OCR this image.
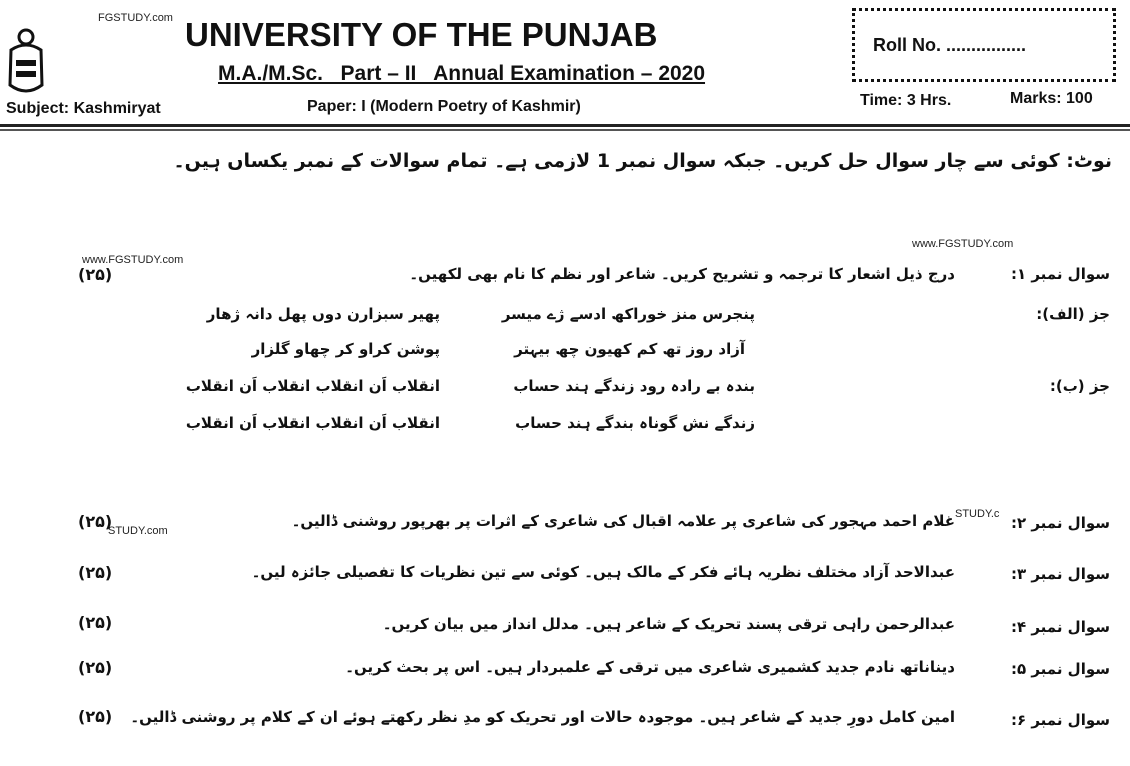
FGSTUDY.com UNIVERSITY OF THE PUNJAB
M.A./M.Sc.   Part – II   Annual Examination – 2020
Subject: Kashmiryat	Paper: I (Modern Poetry of Kashmir)
Roll No. ................
Time: 3 Hrs.	Marks: 100
نوٹ: کوئی سے چار سوال حل کریں۔ جبکہ سوال نمبر 1 لازمی ہے۔ تمام سوالات کے نمبر یکساں ہیں۔
www.FGSTUDY.com
www.FGSTUDY.com
(۲۵)	سوال نمبر ۱:
درج ذیل اشعار کا ترجمہ و تشریح کریں۔ شاعر اور نظم کا نام بھی لکھیں۔
جز (الف):
پنجرس منز خوراکھ ادسے ژے میسر
پھیر سبزارن دوں پھل دانہ ژھار
آزاد روز تھ کم کھیون چھ بیہتر
پوشن کراو کر چھاو گلزار
جز (ب):
بندہ بے رادہ رود زندگے ہند حساب
انقلاب اَن انقلاب انقلاب اَن انقلاب
زندگے نش گوناہ بندگے ہند حساب
انقلاب اَن انقلاب انقلاب اَن انقلاب
STUDY.com
STUDY.c
(۲۵)	سوال نمبر ۲:
غلام احمد مہجور کی شاعری پر علامہ اقبال کی شاعری کے اثرات پر بھرپور روشنی ڈالیں۔
(۲۵)	سوال نمبر ۳:
عبدالاحد آزاد مختلف نظریہ ہائے فکر کے مالک ہیں۔ کوئی سے تین نظریات کا تفصیلی جائزہ لیں۔
(۲۵)	سوال نمبر ۴:
عبدالرحمن راہی ترقی پسند تحریک کے شاعر ہیں۔ مدلل انداز میں بیان کریں۔
(۲۵)	سوال نمبر ۵:
دیناناتھ نادم جدید کشمیری شاعری میں ترقی کے علمبردار ہیں۔ اس پر بحث کریں۔
(۲۵)	سوال نمبر ۶:
امین کامل دورِ جدید کے شاعر ہیں۔ موجودہ حالات اور تحریک کو مدِ نظر رکھتے ہوئے ان کے کلام پر روشنی ڈالیں۔
